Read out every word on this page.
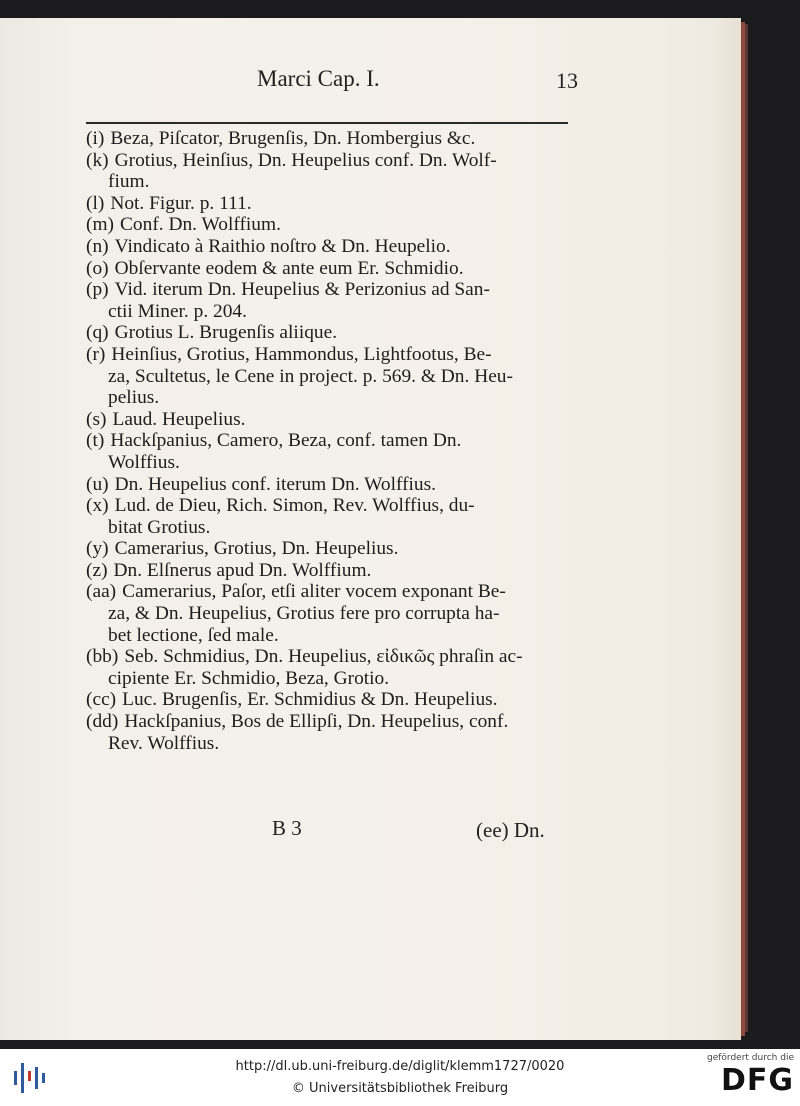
Marci Cap. I.	13

(i) Beza, Piſcator, Brugenſis, Dn. Hombergius &c.

(k) Grotius, Heinſius, Dn. Heupelius conf. Dn. Wolf-
fium.

(l) Not. Figur. p. 111.

(m) Conf. Dn. Wolffium.

(n) Vindicato à Raithio noſtro & Dn. Heupelio.

(o) Obſervante eodem & ante eum Er. Schmidio.

(p) Vid. iterum Dn. Heupelius & Perizonius ad San-
ctii Miner. p. 204.

(q) Grotius L. Brugenſis aliique.

(r) Heinſius, Grotius, Hammondus, Lightfootus, Be-
za, Scultetus, le Cene in project. p. 569. & Dn. Heu-
pelius.

(s) Laud. Heupelius.

(t) Hackſpanius, Camero, Beza, conf. tamen Dn.
Wolffius.

(u) Dn. Heupelius conf. iterum Dn. Wolffius.

(x) Lud. de Dieu, Rich. Simon, Rev. Wolffius, du-
bitat Grotius.

(y) Camerarius, Grotius, Dn. Heupelius.

(z) Dn. Elſnerus apud Dn. Wolffium.

(aa) Camerarius, Paſor, etſi aliter vocem exponant Be-
za, & Dn. Heupelius, Grotius fere pro corrupta ha-
bet lectione, ſed male.

(bb) Seb. Schmidius, Dn. Heupelius, εἰδικῶς phraſin ac-
cipiente Er. Schmidio, Beza, Grotio.

(cc) Luc. Brugenſis, Er. Schmidius & Dn. Heupelius.

(dd) Hackſpanius, Bos de Ellipſi, Dn. Heupelius, conf.
Rev. Wolffius.

B 3	(ee) Dn.
http://dl.ub.uni-freiburg.de/diglit/klemm1727/0020
© Universitätsbibliothek Freiburg
gefördert durch die
DFG
